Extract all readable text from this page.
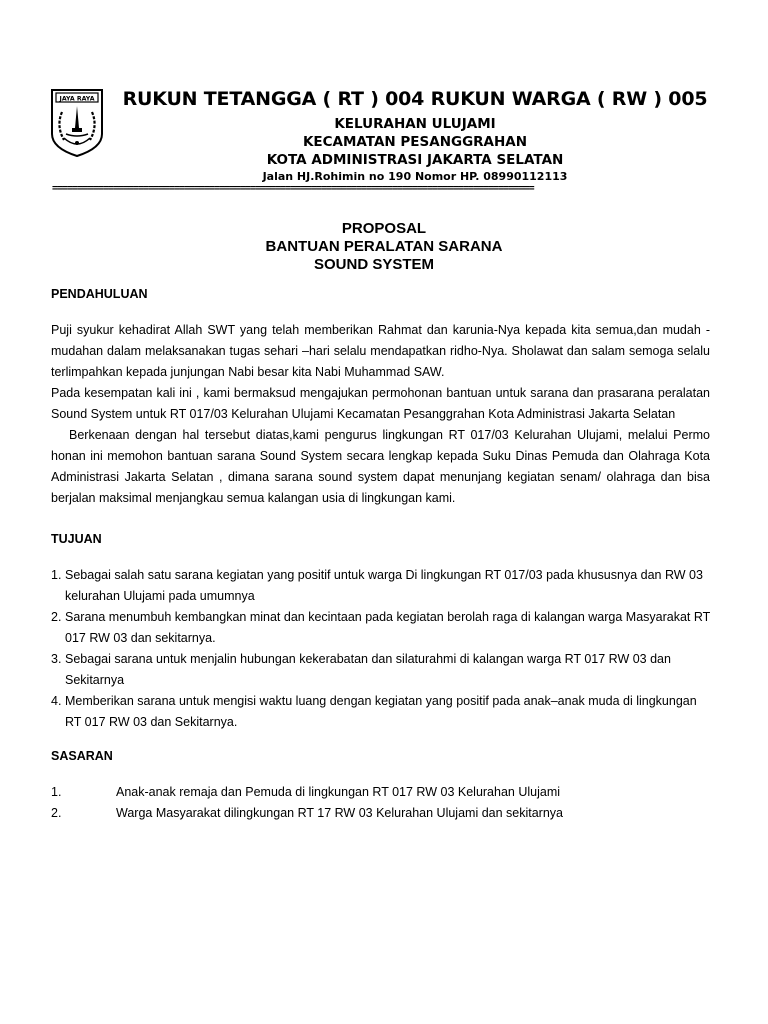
JAYA RAYA RUKUN TETANGGA ( RT ) 004 RUKUN WARGA ( RW ) 005
KELURAHAN ULUJAMI
KECAMATAN PESANGGRAHAN
KOTA ADMINISTRASI JAKARTA SELATAN
Jalan HJ.Rohimin no 190 Nomor HP. 08990112113
===============================================================================================
PROPOSAL
BANTUAN PERALATAN SARANA
SOUND SYSTEM
PENDAHULUAN

Puji syukur kehadirat Allah SWT yang telah memberikan Rahmat dan karunia-Nya kepada kita semua,dan mudah - mudahan dalam melaksanakan tugas sehari –hari selalu mendapatkan ridho-Nya. Sholawat dan salam semoga selalu terlimpahkan kepada junjungan Nabi besar kita Nabi Muhammad SAW.

Pada kesempatan kali ini , kami bermaksud mengajukan permohonan bantuan untuk sarana dan prasarana peralatan Sound System untuk RT 017/03 Kelurahan Ulujami Kecamatan Pesanggrahan Kota Administrasi Jakarta Selatan

Berkenaan dengan hal tersebut diatas,kami pengurus lingkungan RT 017/03 Kelurahan Ulujami, melalui Permo honan ini memohon bantuan sarana Sound System secara lengkap kepada Suku Dinas Pemuda dan Olahraga Kota Administrasi Jakarta Selatan , dimana sarana sound system dapat menunjang kegiatan senam/ olahraga dan bisa berjalan maksimal menjangkau semua kalangan usia di lingkungan kami.

TUJUAN
1. Sebagai salah satu sarana kegiatan yang positif untuk warga Di lingkungan RT 017/03 pada khususnya dan RW 03 kelurahan Ulujami pada umumnya
2. Sarana menumbuh kembangkan minat dan kecintaan pada kegiatan berolah raga di kalangan warga Masyarakat RT 017 RW 03 dan sekitarnya.
3. Sebagai sarana untuk menjalin hubungan kekerabatan dan silaturahmi di kalangan warga RT 017 RW 03 dan Sekitarnya
4. Memberikan sarana untuk mengisi waktu luang dengan kegiatan yang positif pada anak–anak muda di lingkungan RT 017 RW 03 dan Sekitarnya.
SASARAN
1.	Anak-anak remaja dan Pemuda di lingkungan RT 017 RW 03 Kelurahan Ulujami
2.	Warga Masyarakat dilingkungan RT 17 RW 03 Kelurahan Ulujami dan sekitarnya
